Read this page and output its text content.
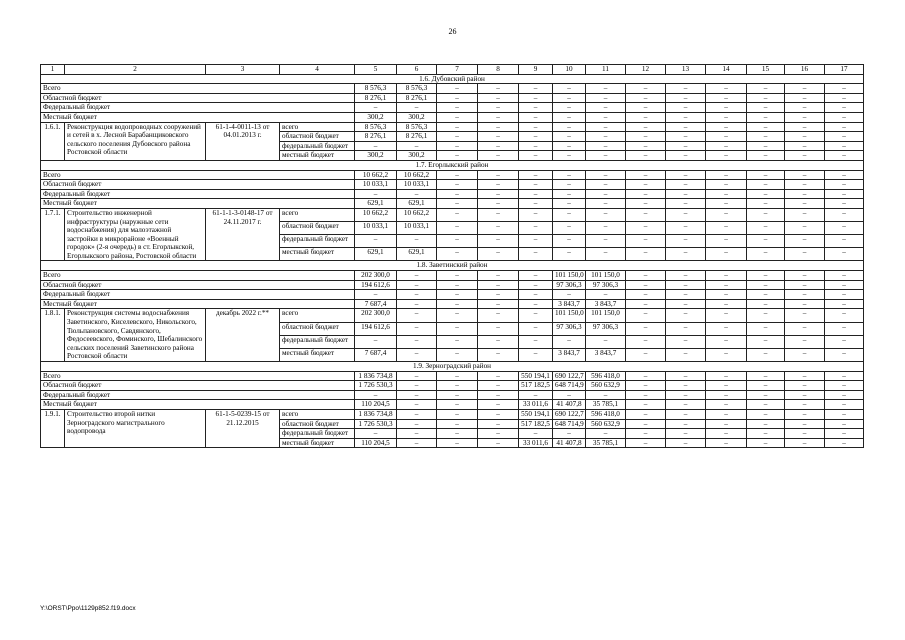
26
1	2	3	4	5	6	7	8	9	10	11	12	13	14	15	16	17
1.6. Дубовский район																
Всего				8 576,3	8 576,3	–	–	–	–	–	–	–	–	–	–	–
Областной бюджет				8 276,1	8 276,1	–	–	–	–	–	–	–	–	–	–	–
Федеральный бюджет				–	–	–	–	–	–	–	–	–	–	–	–	–
Местный бюджет				300,2	300,2	–	–	–	–	–	–	–	–	–	–	–
1.6.1.	Реконструкция водопроводных сооружений и сетей в х. Лесной Барабанщиковского сельского поселения Дубовского района Ростовской области	61-1-4-0011-13 от 04.01.2013 г.	всего	8 576,3	8 576,3	–	–	–	–	–	–	–	–	–	–	–
			областной бюджет	8 276,1	8 276,1	–	–	–	–	–	–	–	–	–	–	–
			федеральный бюджет	–	–	–	–	–	–	–	–	–	–	–	–	–
			местный бюджет	300,2	300,2	–	–	–	–	–	–	–	–	–	–	–
1.7. Егорлыкский район																
Всего				10 662,2	10 662,2	–	–	–	–	–	–	–	–	–	–	–
Областной бюджет				10 033,1	10 033,1	–	–	–	–	–	–	–	–	–	–	–
Федеральный бюджет				–	–	–	–	–	–	–	–	–	–	–	–	–
Местный бюджет				629,1	629,1	–	–	–	–	–	–	–	–	–	–	–
1.7.1.	Строительство инженерной инфраструктуры (наружные сети водоснабжения) для малоэтажной застройки в микрорайоне «Военный городок» (2-я очередь) в ст. Егорлыкской, Егорлыкского района, Ростовской области	61-1-1-3-0148-17 от 24.11.2017 г.	всего	10 662,2	10 662,2	–	–	–	–	–	–	–	–	–	–	–
			областной бюджет	10 033,1	10 033,1	–	–	–	–	–	–	–	–	–	–	–
			федеральный бюджет	–	–	–	–	–	–	–	–	–	–	–	–	–
			местный бюджет	629,1	629,1	–	–	–	–	–	–	–	–	–	–	–
1.8. Заветинский район																
Всего				202 300,0	–	–	–	–	101 150,0	101 150,0	–	–	–	–	–	–
Областной бюджет				194 612,6	–	–	–	–	97 306,3	97 306,3	–	–	–	–	–	–
Федеральный бюджет				–	–	–	–	–	–	–	–	–	–	–	–	–
Местный бюджет				7 687,4	–	–	–	–	3 843,7	3 843,7	–	–	–	–	–	–
1.8.1.	Реконструкция системы водоснабжения Заветинского, Киселевского, Никольского, Тюльпановского, Савдянского, Федосеевского, Фоминского, Шебалинского сельских поселений Заветинского района Ростовской области	декабрь 2022 г.**	всего	202 300,0	–	–	–	–	101 150,0	101 150,0	–	–	–	–	–	–
			областной бюджет	194 612,6	–	–	–	–	97 306,3	97 306,3	–	–	–	–	–	–
			федеральный бюджет	–	–	–	–	–	–	–	–	–	–	–	–	–
			местный бюджет	7 687,4	–	–	–	–	3 843,7	3 843,7	–	–	–	–	–	–
1.9. Зерноградский район																
Всего				1 836 734,8	–	–	–	550 194,1	690 122,7	596 418,0	–	–	–	–	–	–
Областной бюджет				1 726 530,3	–	–	–	517 182,5	648 714,9	560 632,9	–	–	–	–	–	–
Федеральный бюджет				–	–	–	–	–	–	–	–	–	–	–	–	–
Местный бюджет				110 204,5	–	–	–	33 011,6	41 407,8	35 785,1	–	–	–	–	–	–
1.9.1.	Строительство второй нитки Зерноградского магистрального водопровода	61-1-5-0239-15 от 21.12.2015	всего	1 836 734,8	–	–	–	550 194,1	690 122,7	596 418,0	–	–	–	–	–	–
			областной бюджет	1 726 530,3	–	–	–	517 182,5	648 714,9	560 632,9	–	–	–	–	–	–
			федеральный бюджет	–	–	–	–	–	–	–	–	–	–	–	–	–
			местный бюджет	110 204,5	–	–	–	33 011,6	41 407,8	35 785,1	–	–	–	–	–	–
Y:\ORST\Ppo\1129p852.f19.docx
